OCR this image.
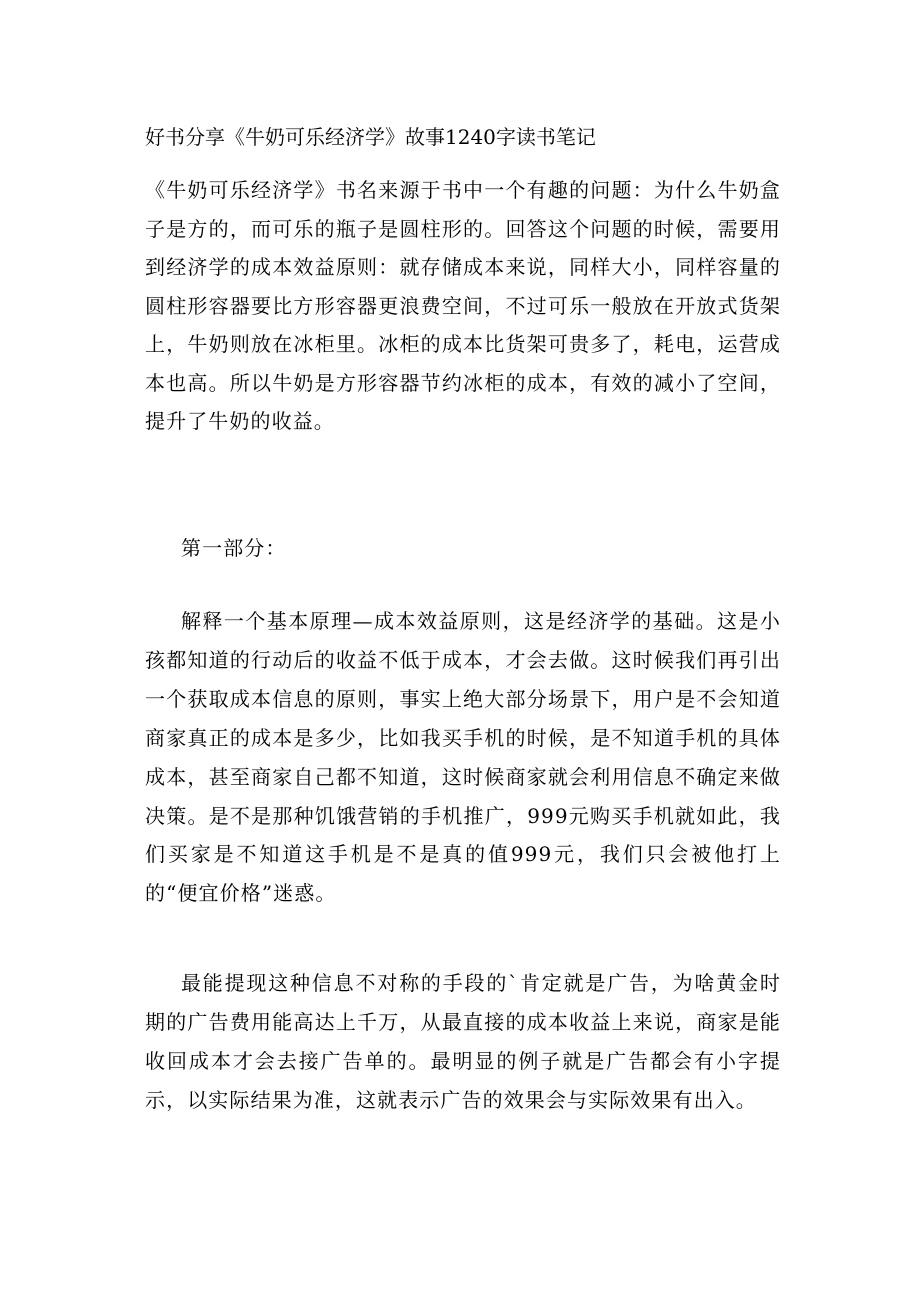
好书分享《牛奶可乐经济学》故事1240字读书笔记

《牛奶可乐经济学》书名来源于书中一个有趣的问题：为什么牛奶盒子是方的，而可乐的瓶子是圆柱形的。回答这个问题的时候，需要用到经济学的成本效益原则：就存储成本来说，同样大小，同样容量的圆柱形容器要比方形容器更浪费空间，不过可乐一般放在开放式货架上，牛奶则放在冰柜里。冰柜的成本比货架可贵多了，耗电，运营成本也高。所以牛奶是方形容器节约冰柜的成本，有效的减小了空间，提升了牛奶的收益。

第一部分：

解释一个基本原理—成本效益原则，这是经济学的基础。这是小孩都知道的行动后的收益不低于成本，才会去做。这时候我们再引出一个获取成本信息的原则，事实上绝大部分场景下，用户是不会知道商家真正的成本是多少，比如我买手机的时候，是不知道手机的具体成本，甚至商家自己都不知道，这时候商家就会利用信息不确定来做决策。是不是那种饥饿营销的手机推广，999元购买手机就如此，我们买家是不知道这手机是不是真的值999元，我们只会被他打上的“便宜价格”迷惑。

最能提现这种信息不对称的手段的`肯定就是广告，为啥黄金时期的广告费用能高达上千万，从最直接的成本收益上来说，商家是能收回成本才会去接广告单的。最明显的例子就是广告都会有小字提示，以实际结果为准，这就表示广告的效果会与实际效果有出入。
